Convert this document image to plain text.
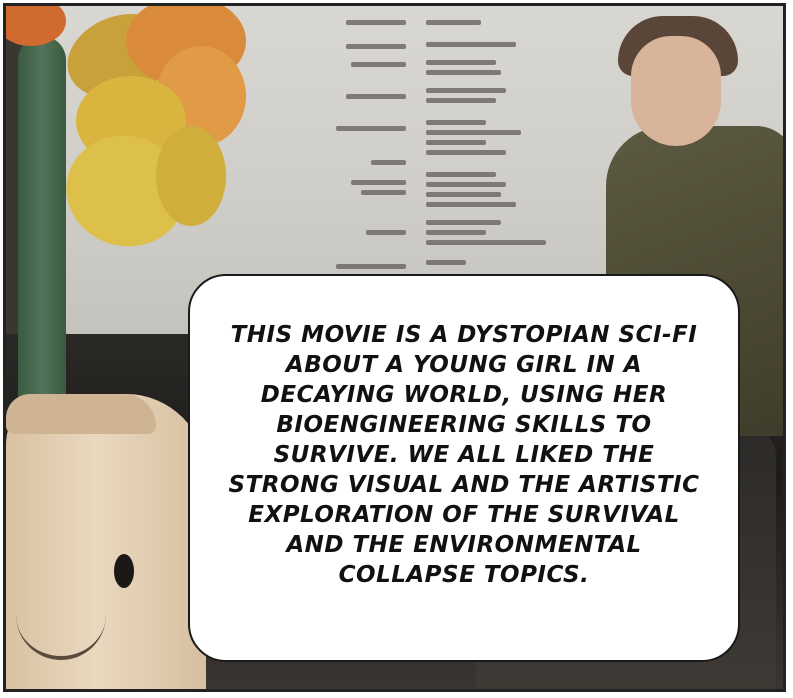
THIS MOVIE IS A DYSTOPIAN SCI-FI
ABOUT A YOUNG GIRL IN A
DECAYING WORLD, USING HER
BIOENGINEERING SKILLS TO
SURVIVE. WE ALL LIKED THE
STRONG VISUAL AND THE ARTISTIC
EXPLORATION OF THE SURVIVAL
AND THE ENVIRONMENTAL
COLLAPSE TOPICS.
